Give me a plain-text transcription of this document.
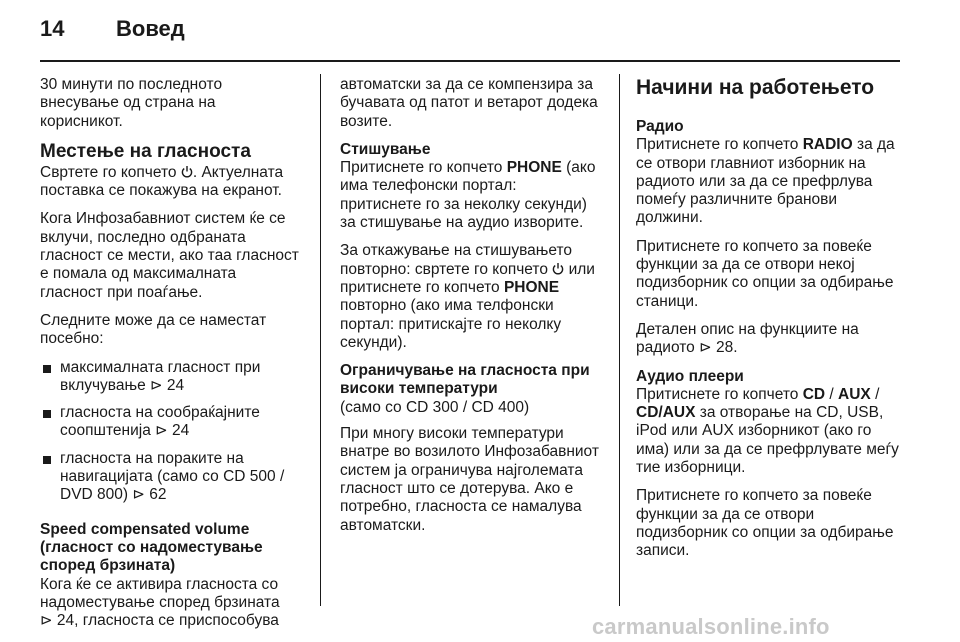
14 Вовед

30 минути по последното внесување од страна на корисникот.

Местење на гласноста

Свртете го копчето . Актуелната поставка се покажува на екранот.

Кога Инфозабавниот систем ќе се вклучи, последно одбраната гласност се мести, ако таа гласност е помала од максималната гласност при поаѓање.

Следните може да се наместат посебно:

максималната гласност при вклучување ⊳ 24
гласноста на сообраќајните соопштенија ⊳ 24
гласноста на пораките на навигацијата (само со CD 500 / DVD 800) ⊳ 62
Speed compensated volume (гласност со надоместување според брзината)

Кога ќе се активира гласноста со надоместување според брзината ⊳ 24, гласноста се приспособува

автоматски за да се компензира за бучавата од патот и ветарот додека возите.

Стишување

Притиснете го копчето PHONE (ако има телефонски портал:

притиснете го за неколку секунди) за стишување на аудио изворите.

За откажување на стишувањето повторно: свртете го копчето или притиснете го копчето PHONE повторно (ако има телфонски портал: притискајте го неколку секунди).

Ограничување на гласноста при високи температури

(само со CD 300 / CD 400)

При многу високи температури внатре во возилото Инфозабавниот систем ја ограничува најголемата гласност што се дотерува. Ако е потребно, гласноста се намалува автоматски.

Начини на работењето
Радио

Притиснете го копчето RADIO за да се отвори главниот изборник на радиото или за да се префрлува помеѓу различните бранови должини.

Притиснете го копчето за повеќе функции за да се отвори некој подизборник со опции за одбирање станици.

Детален опис на функциите на радиото ⊳ 28.

Аудио плеери

Притиснете го копчето CD / AUX / CD/AUX за отворање на CD, USB, iPod или AUX изборникот (ако го има) или за да се префрлувате меѓу тие изборници.

Притиснете го копчето за повеќе функции за да се отвори подизборник со опции за одбирање записи.

carmanualsonline.info
